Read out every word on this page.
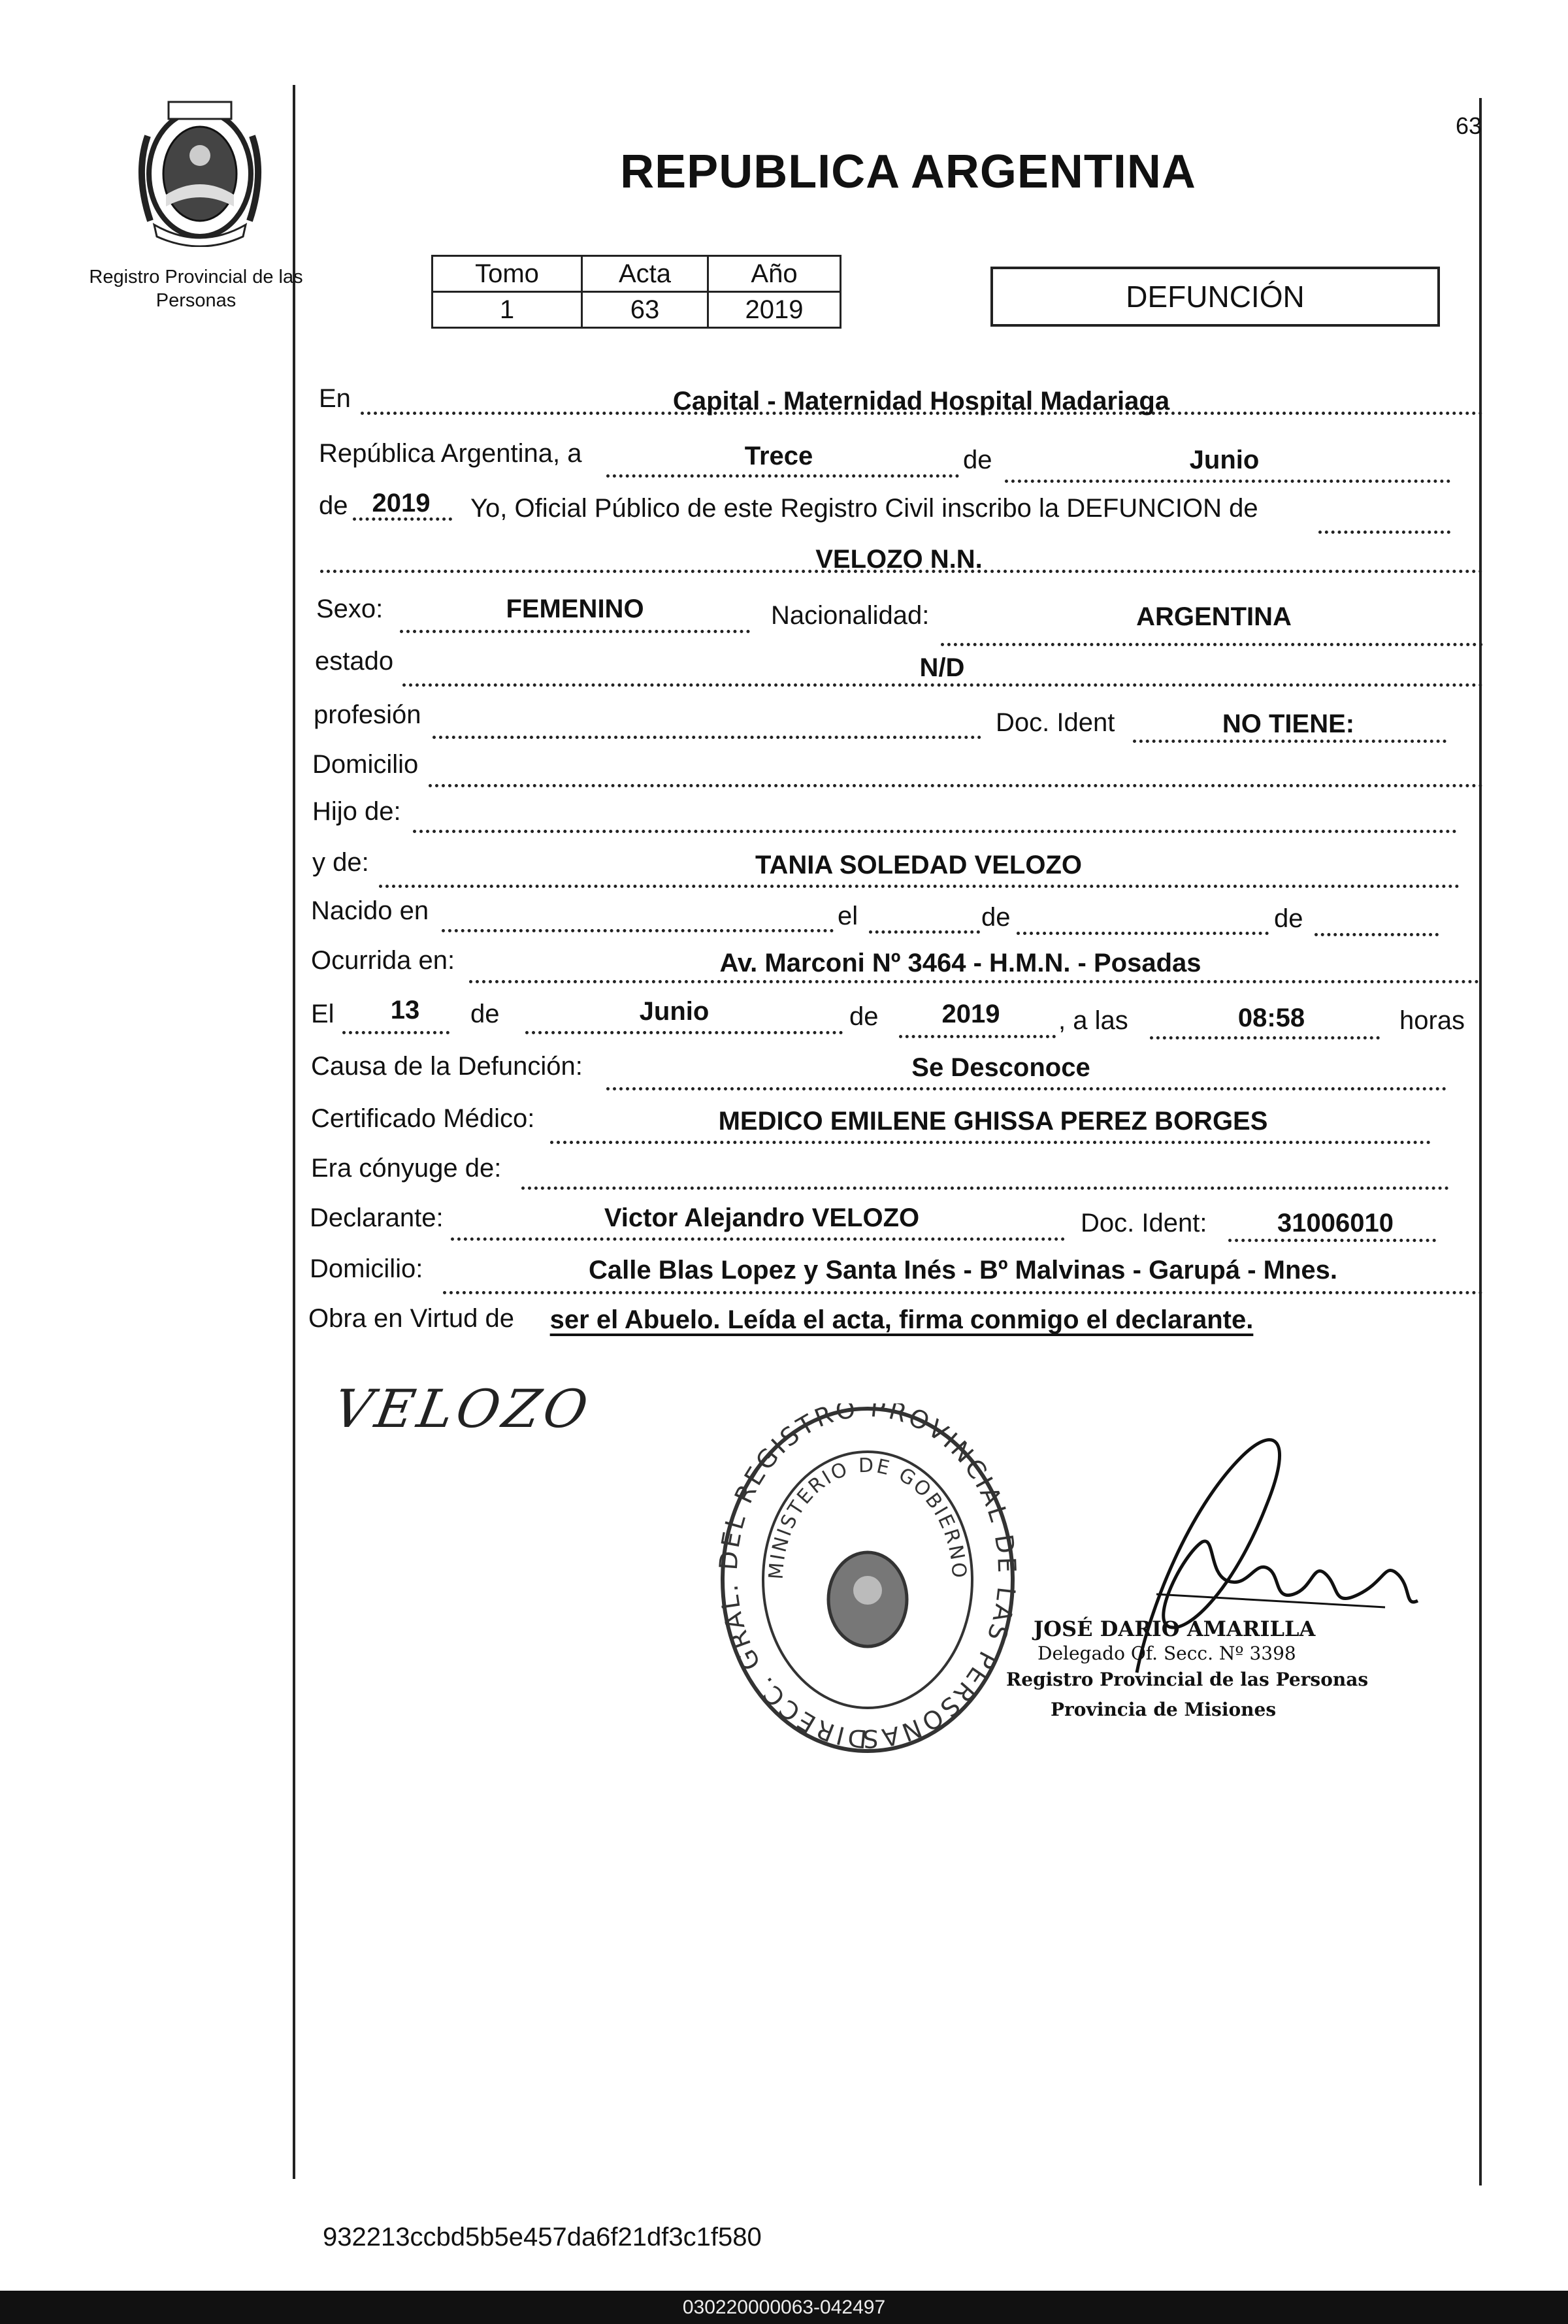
63
Registro Provincial de las Personas
REPUBLICA ARGENTINA
Tomo	Acta	Año
1	63	2019	DEFUNCIÓN
En	Capital - Maternidad Hospital Madariaga
República Argentina, a	Trece	de	Junio
de 2019 Yo, Oficial Público de este Registro Civil inscribo la DEFUNCION de
VELOZO N.N.
Sexo:	FEMENINO	Nacionalidad:	ARGENTINA
estado	N/D
profesión	Doc. Ident	NO TIENE:
Domicilio
Hijo de:
y de:	TANIA SOLEDAD VELOZO
Nacido en	el	de	de
Ocurrida en:	Av. Marconi Nº 3464 - H.M.N. - Posadas
El 13 de	Junio	de 2019 , a las	08:58	horas
Causa de la Defunción:	Se Desconoce
Certificado Médico:	MEDICO EMILENE GHISSA PEREZ BORGES
Era cónyuge de:
Declarante:	Victor Alejandro VELOZO	Doc. Ident:	31006010
Domicilio:	Calle Blas Lopez y Santa Inés - Bº Malvinas - Garupá - Mnes.
Obra en Virtud de ser el Abuelo. Leída el acta, firma conmigo el declarante.
VELOZO
DIRECC. GRAL. DEL REGISTRO PROVINCIAL DE LAS PERSONAS
MINISTERIO DE GOBIERNO
JOSÉ DARIO AMARILLA
Delegado Of. Secc. Nº 3398
Registro Provincial de las Personas
Provincia de Misiones
932213ccbd5b5e457da6f21df3c1f580
030220000063-042497
